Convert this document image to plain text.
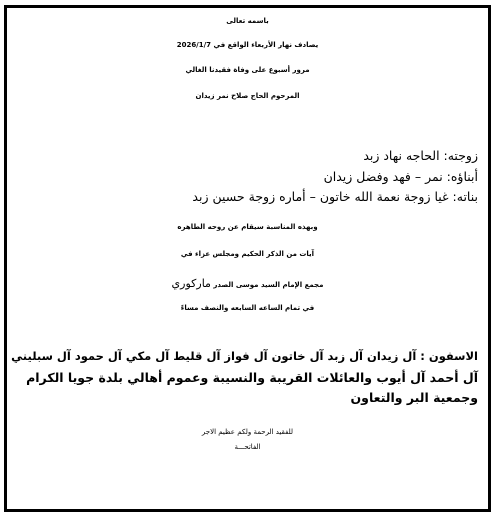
باسمه تعالى
يصادف نهار الأربعاء الواقع في 2026/1/7
مرور أسبوع على وفاة فقيدنا الغالي
المرحوم الحاج صلاح نمر زيدان
زوجته: الحاجه نهاد زبد
أبناؤه: نمر – فهد وفضل زيدان
بناته: غيا زوجة نعمة الله خاتون – أماره زوجة حسين زبد
وبهذه المناسبة سيقام عن روحه الطاهره
آيات من الذكر الحكيم ومجلس عزاء في
مجمع الإمام السيد موسى الصدر ماركوري
في تمام الساعه السابعه والنصف مساءً
الاسفون : آل زيدان آل زبد آل خاتون آل فواز آل قليط آل مكي آل حمود آل سبليني
آل أحمد آل أيوب والعائلات القريبة والنسيبة وعموم أهالي بلدة جويا الكرام
وجمعية البر والتعاون
للفقيد الرحمة ولكم عظيم الاجر
الفاتحـــة
